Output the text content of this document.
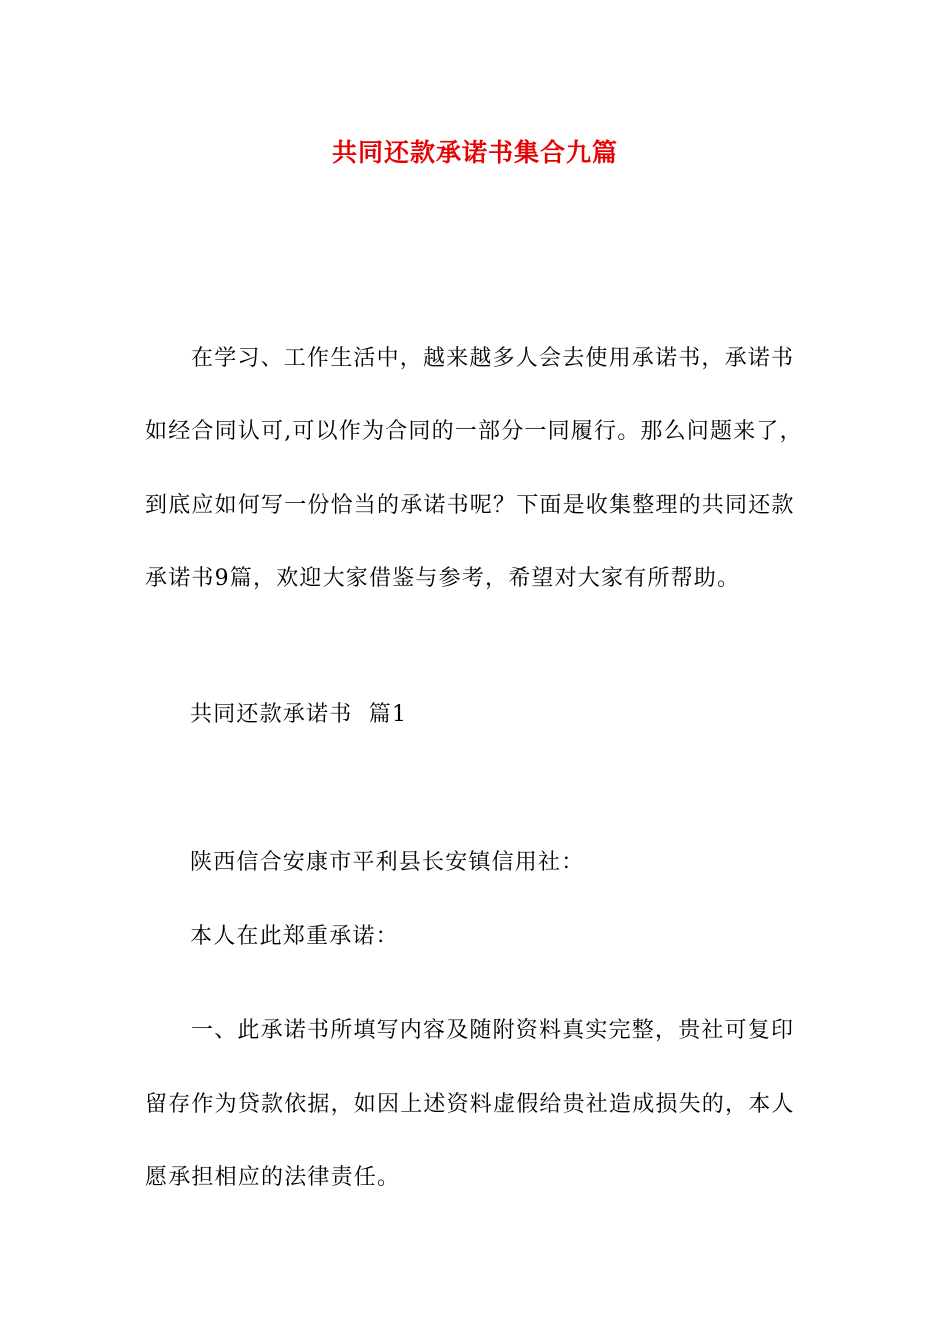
共同还款承诺书集合九篇
在学习、工作生活中，越来越多人会去使用承诺书，承诺书如经合同认可,可以作为合同的一部分一同履行。那么问题来了，到底应如何写一份恰当的承诺书呢？下面是收集整理的共同还款承诺书9篇，欢迎大家借鉴与参考，希望对大家有所帮助。
共同还款承诺书  篇1
陕西信合安康市平利县长安镇信用社：
本人在此郑重承诺：
一、此承诺书所填写内容及随附资料真实完整，贵社可复印留存作为贷款依据，如因上述资料虚假给贵社造成损失的，本人愿承担相应的法律责任。
